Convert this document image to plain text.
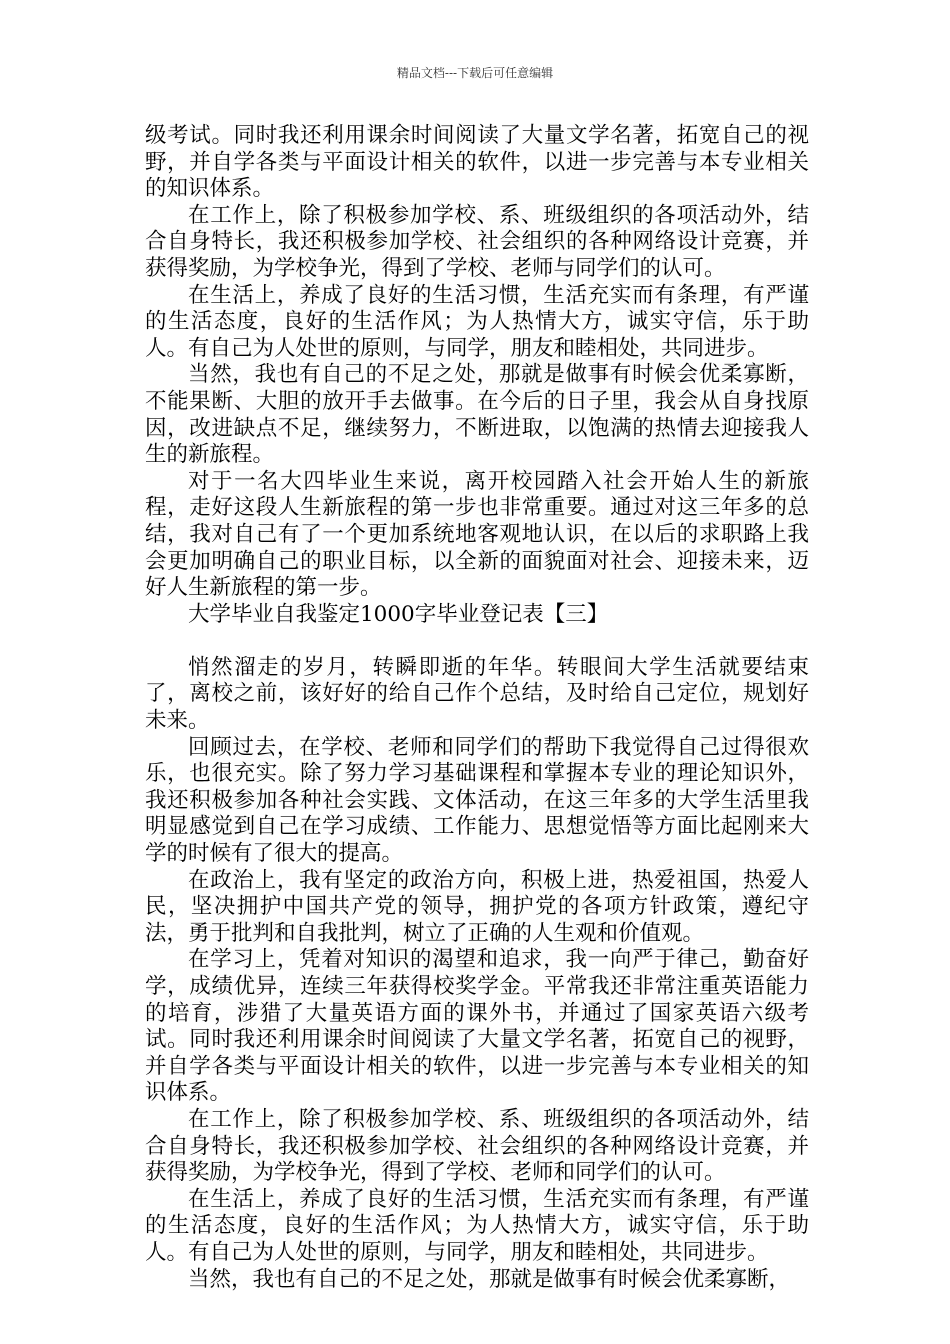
精品文档---下载后可任意编辑

级考试。同时我还利用课余时间阅读了大量文学名著，拓宽自己的视野，并自学各类与平面设计相关的软件，以进一步完善与本专业相关的知识体系。

在工作上，除了积极参加学校、系、班级组织的各项活动外，结合自身特长，我还积极参加学校、社会组织的各种网络设计竞赛，并获得奖励，为学校争光，得到了学校、老师与同学们的认可。

在生活上，养成了良好的生活习惯，生活充实而有条理，有严谨的生活态度，良好的生活作风；为人热情大方，诚实守信，乐于助人。有自己为人处世的原则，与同学，朋友和睦相处，共同进步。

当然，我也有自己的不足之处，那就是做事有时候会优柔寡断，不能果断、大胆的放开手去做事。在今后的日子里，我会从自身找原因，改进缺点不足，继续努力，不断进取，以饱满的热情去迎接我人生的新旅程。

对于一名大四毕业生来说，离开校园踏入社会开始人生的新旅程，走好这段人生新旅程的第一步也非常重要。通过对这三年多的总结，我对自己有了一个更加系统地客观地认识，在以后的求职路上我会更加明确自己的职业目标，以全新的面貌面对社会、迎接未来，迈好人生新旅程的第一步。

大学毕业自我鉴定1000字毕业登记表【三】

悄然溜走的岁月，转瞬即逝的年华。转眼间大学生活就要结束了，离校之前，该好好的给自己作个总结，及时给自己定位，规划好未来。

回顾过去，在学校、老师和同学们的帮助下我觉得自己过得很欢乐，也很充实。除了努力学习基础课程和掌握本专业的理论知识外，我还积极参加各种社会实践、文体活动，在这三年多的大学生活里我明显感觉到自己在学习成绩、工作能力、思想觉悟等方面比起刚来大学的时候有了很大的提高。

在政治上，我有坚定的政治方向，积极上进，热爱祖国，热爱人民，坚决拥护中国共产党的领导，拥护党的各项方针政策，遵纪守法，勇于批判和自我批判，树立了正确的人生观和价值观。

在学习上，凭着对知识的渴望和追求，我一向严于律己，勤奋好学，成绩优异，连续三年获得校奖学金。平常我还非常注重英语能力的培育，涉猎了大量英语方面的课外书，并通过了国家英语六级考试。同时我还利用课余时间阅读了大量文学名著，拓宽自己的视野，并自学各类与平面设计相关的软件，以进一步完善与本专业相关的知识体系。

在工作上，除了积极参加学校、系、班级组织的各项活动外，结合自身特长，我还积极参加学校、社会组织的各种网络设计竞赛，并获得奖励，为学校争光，得到了学校、老师和同学们的认可。

在生活上，养成了良好的生活习惯，生活充实而有条理，有严谨的生活态度，良好的生活作风；为人热情大方，诚实守信，乐于助人。有自己为人处世的原则，与同学，朋友和睦相处，共同进步。

当然，我也有自己的不足之处，那就是做事有时候会优柔寡断，
